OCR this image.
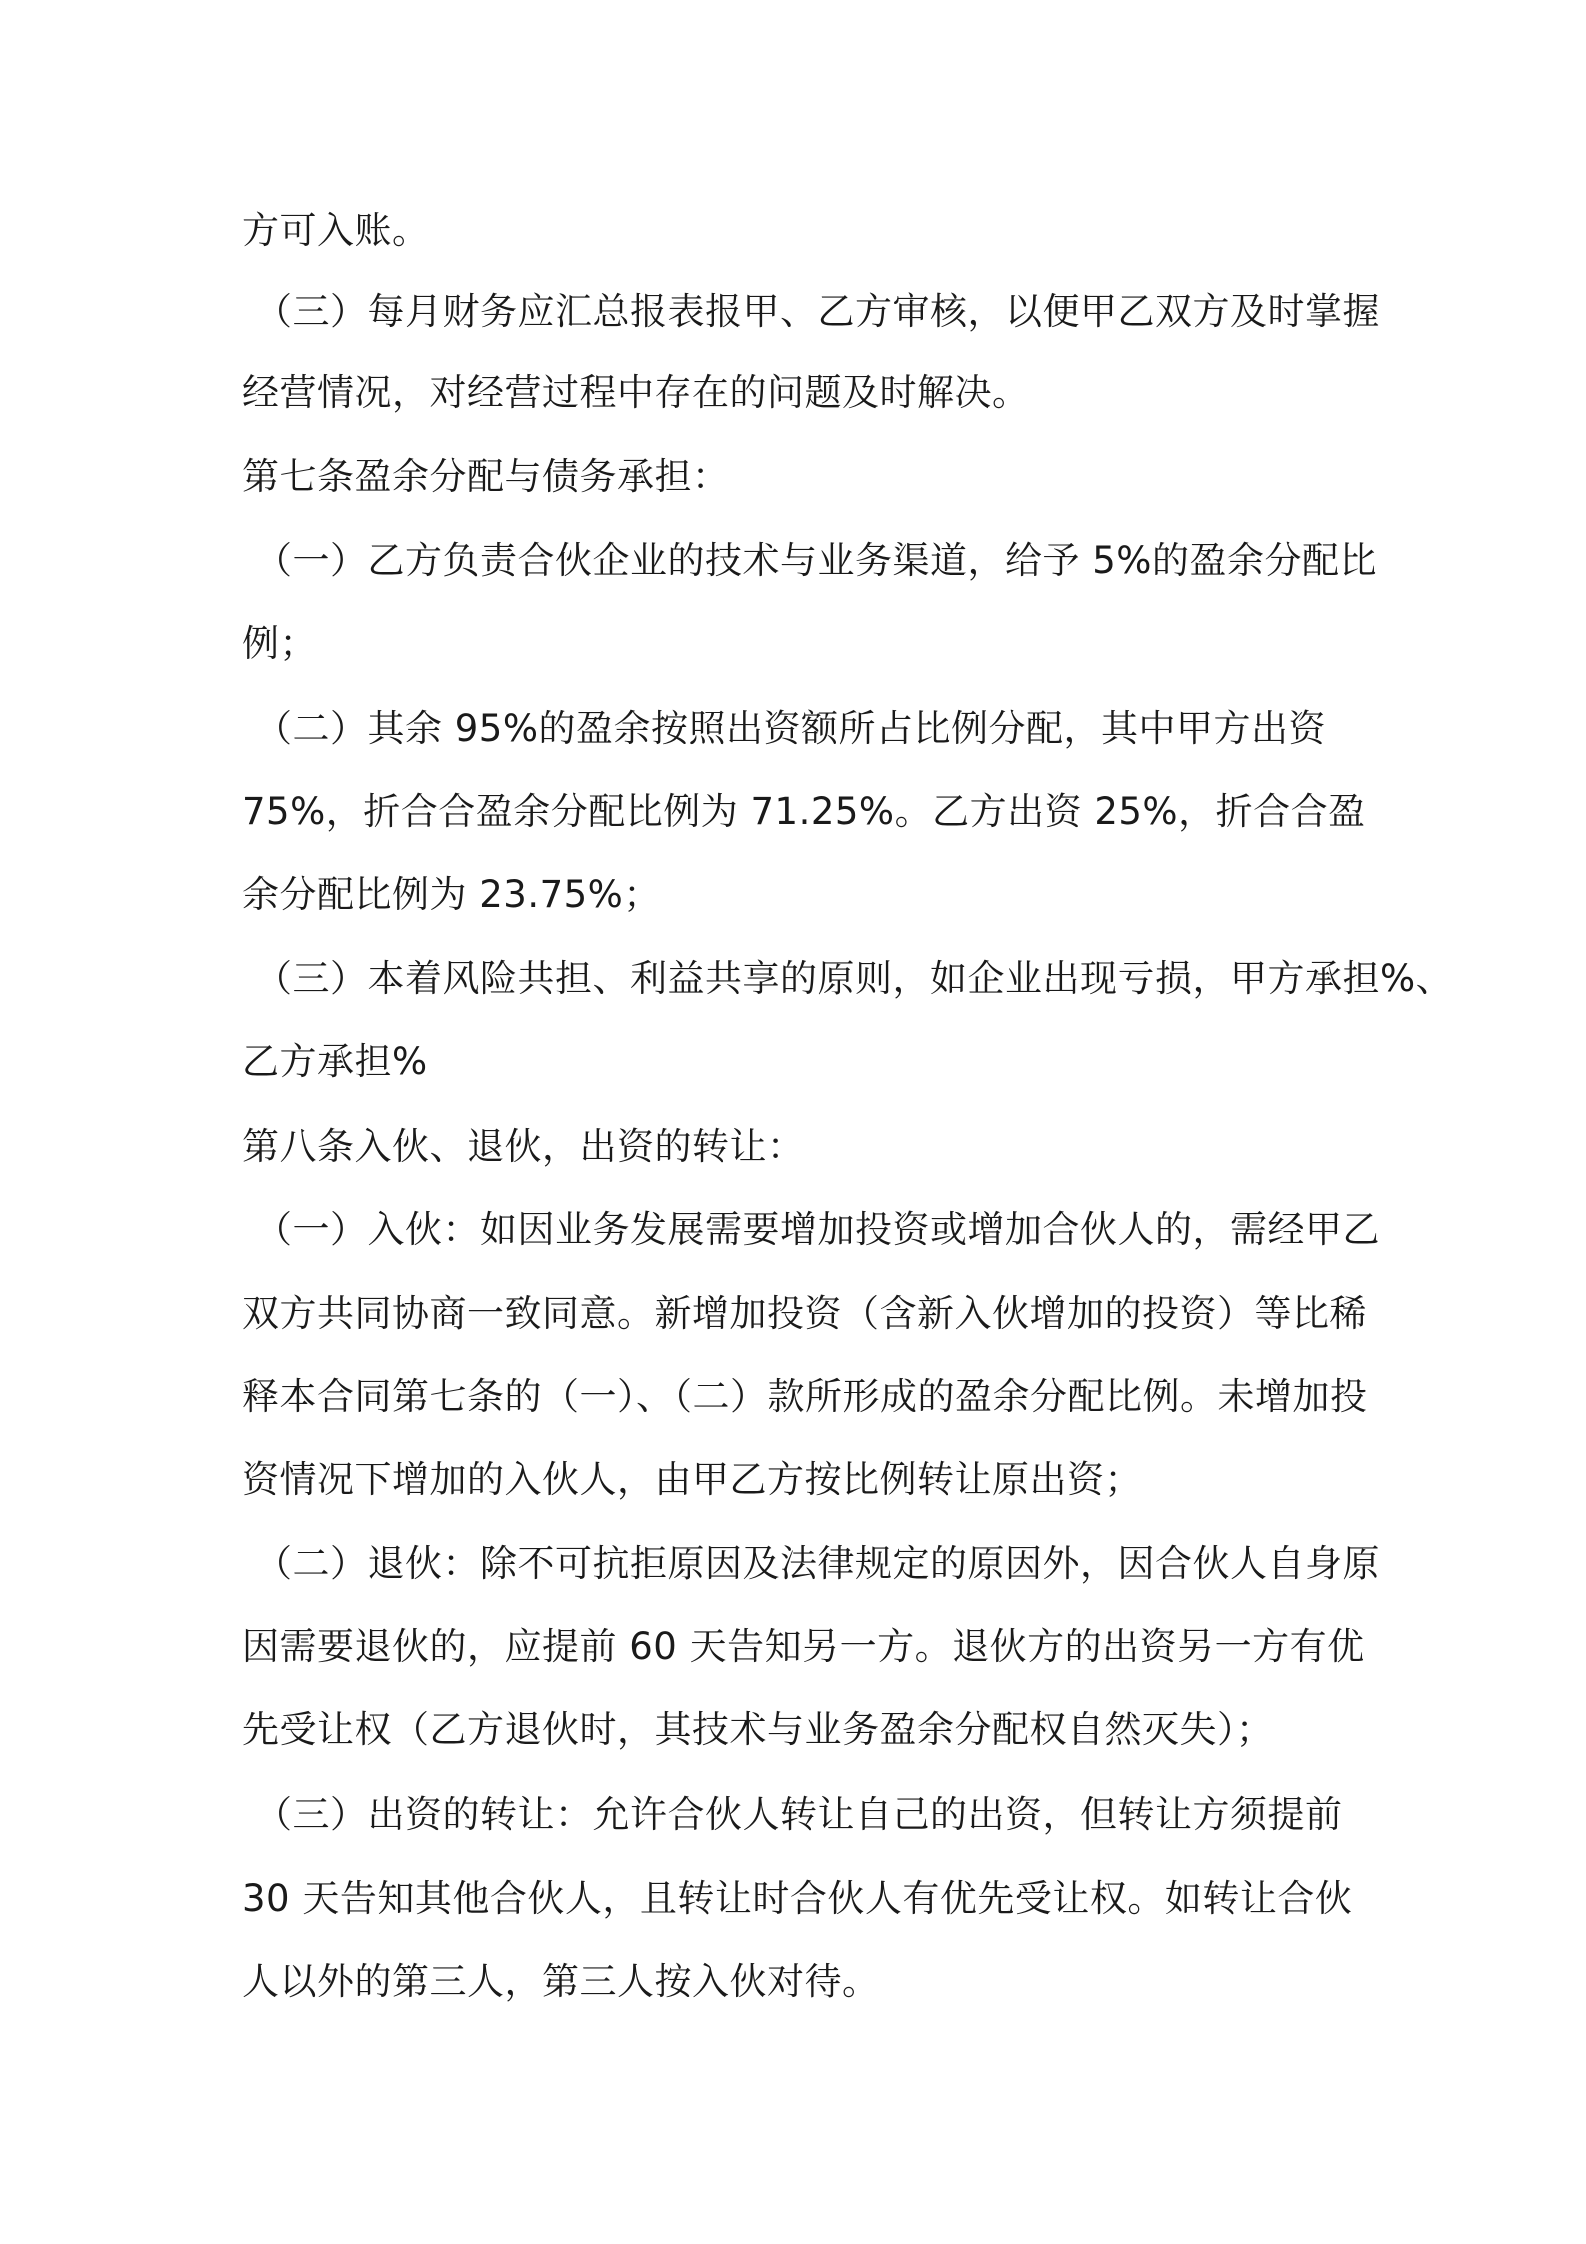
方可入账。
（三）每月财务应汇总报表报甲、乙方审核，以便甲乙双方及时掌握
经营情况，对经营过程中存在的问题及时解决。
第七条盈余分配与债务承担：
（一）乙方负责合伙企业的技术与业务渠道，给予 5%的盈余分配比
例；
（二）其余 95%的盈余按照出资额所占比例分配，其中甲方出资
75%，折合合盈余分配比例为 71.25%。乙方出资 25%，折合合盈
余分配比例为 23.75%；
（三）本着风险共担、利益共享的原则，如企业出现亏损，甲方承担%、
乙方承担%
第八条入伙、退伙，出资的转让：
（一）入伙：如因业务发展需要增加投资或增加合伙人的，需经甲乙
双方共同协商一致同意。新增加投资（含新入伙增加的投资）等比稀
释本合同第七条的（一）、（二）款所形成的盈余分配比例。未增加投
资情况下增加的入伙人，由甲乙方按比例转让原出资；
（二）退伙：除不可抗拒原因及法律规定的原因外，因合伙人自身原
因需要退伙的，应提前 60 天告知另一方。退伙方的出资另一方有优
先受让权（乙方退伙时，其技术与业务盈余分配权自然灭失）；
（三）出资的转让：允许合伙人转让自己的出资，但转让方须提前
30 天告知其他合伙人，且转让时合伙人有优先受让权。如转让合伙
人以外的第三人，第三人按入伙对待。
